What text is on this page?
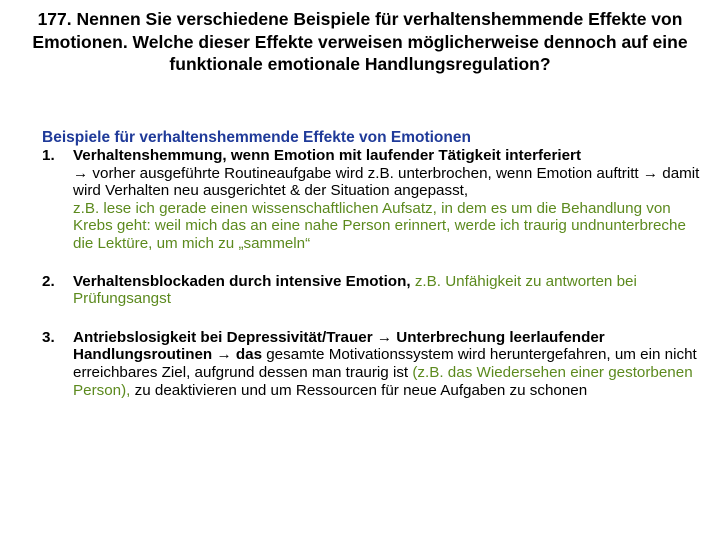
177. Nennen Sie verschiedene Beispiele für verhaltenshemmende Effekte von Emotionen. Welche dieser Effekte verweisen möglicherweise dennoch auf eine funktionale emotionale Handlungsregulation?

Beispiele für verhaltenshemmende Effekte von Emotionen

1. Verhaltenshemmung, wenn Emotion mit laufender Tätigkeit interferiert
→ vorher ausgeführte Routineaufgabe wird z.B. unterbrochen, wenn Emotion auftritt → damit wird Verhalten neu ausgerichtet & der Situation angepasst,
z.B. lese ich gerade einen wissenschaftlichen Aufsatz, in dem es um die Behandlung von Krebs geht: weil mich das an eine nahe Person erinnert, werde ich traurig undnunterbreche die Lektüre, um mich zu „sammeln“

2. Verhaltensblockaden durch intensive Emotion, z.B. Unfähigkeit zu antworten bei Prüfungsangst

3. Antriebslosigkeit bei Depressivität/Trauer → Unterbrechung leerlaufender Handlungsroutinen → das gesamte Motivationssystem wird heruntergefahren, um ein nicht erreichbares Ziel, aufgrund dessen man traurig ist (z.B. das Wiedersehen einer gestorbenen Person), zu deaktivieren und um Ressourcen für neue Aufgaben zu schonen
